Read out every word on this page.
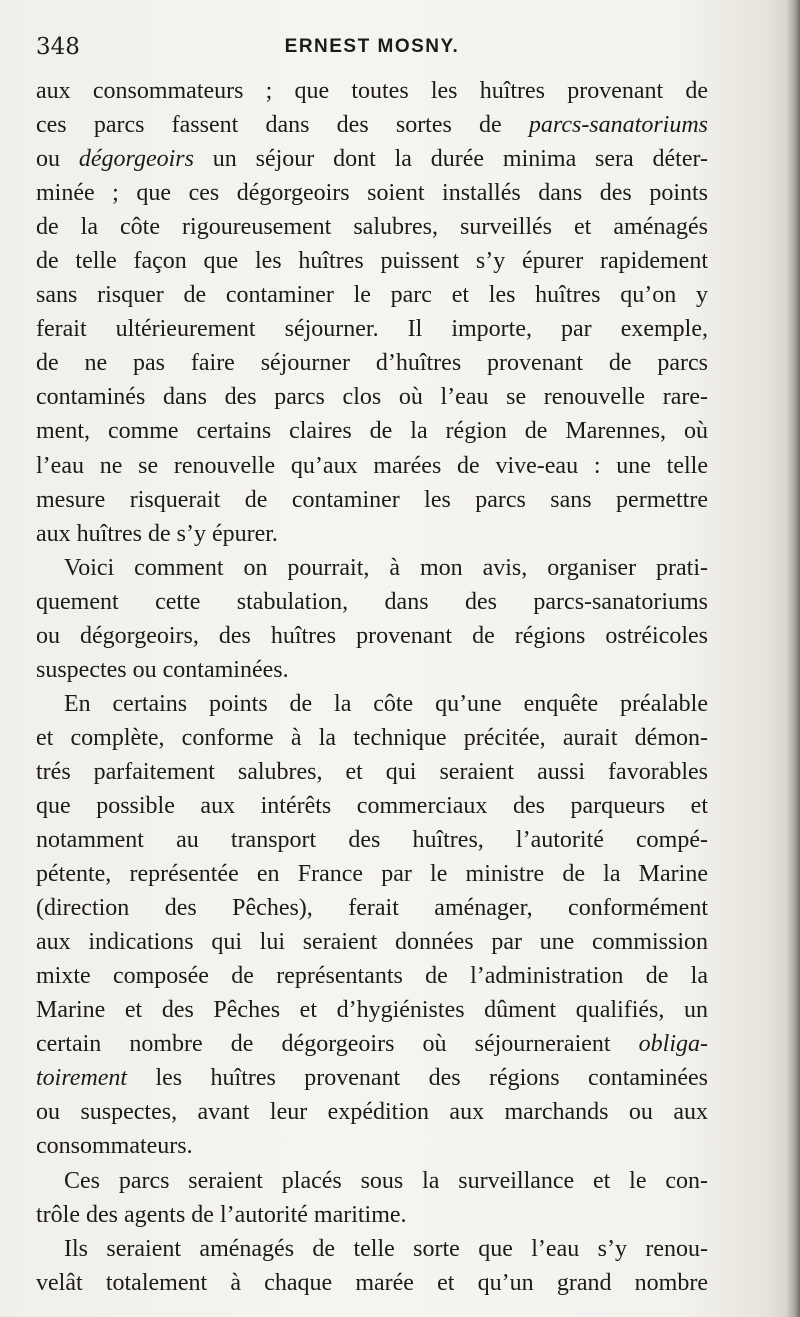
348	ERNEST MOSNY.
aux consommateurs ; que toutes les huîtres provenant de
ces parcs fassent dans des sortes de parcs-sanatoriums
ou dégorgeoirs un séjour dont la durée minima sera déter-
minée ; que ces dégorgeoirs soient installés dans des points
de la côte rigoureusement salubres, surveillés et aménagés
de telle façon que les huîtres puissent s’y épurer rapidement
sans risquer de contaminer le parc et les huîtres qu’on y
ferait ultérieurement séjourner. Il importe, par exemple,
de ne pas faire séjourner d’huîtres provenant de parcs
contaminés dans des parcs clos où l’eau se renouvelle rare-
ment, comme certains claires de la région de Marennes, où
l’eau ne se renouvelle qu’aux marées de vive-eau : une telle
mesure risquerait de contaminer les parcs sans permettre
aux huîtres de s’y épurer.
Voici comment on pourrait, à mon avis, organiser prati-
quement cette stabulation, dans des parcs-sanatoriums
ou dégorgeoirs, des huîtres provenant de régions ostréicoles
suspectes ou contaminées.
En certains points de la côte qu’une enquête préalable
et complète, conforme à la technique précitée, aurait démon-
trés parfaitement salubres, et qui seraient aussi favorables
que possible aux intérêts commerciaux des parqueurs et
notamment au transport des huîtres, l’autorité compé-
pétente, représentée en France par le ministre de la Marine
(direction des Pêches), ferait aménager, conformément
aux indications qui lui seraient données par une commission
mixte composée de représentants de l’administration de la
Marine et des Pêches et d’hygiénistes dûment qualifiés, un
certain nombre de dégorgeoirs où séjourneraient obliga-
toirement les huîtres provenant des régions contaminées
ou suspectes, avant leur expédition aux marchands ou aux
consommateurs.
Ces parcs seraient placés sous la surveillance et le con-
trôle des agents de l’autorité maritime.
Ils seraient aménagés de telle sorte que l’eau s’y renou-
velât totalement à chaque marée et qu’un grand nombre
